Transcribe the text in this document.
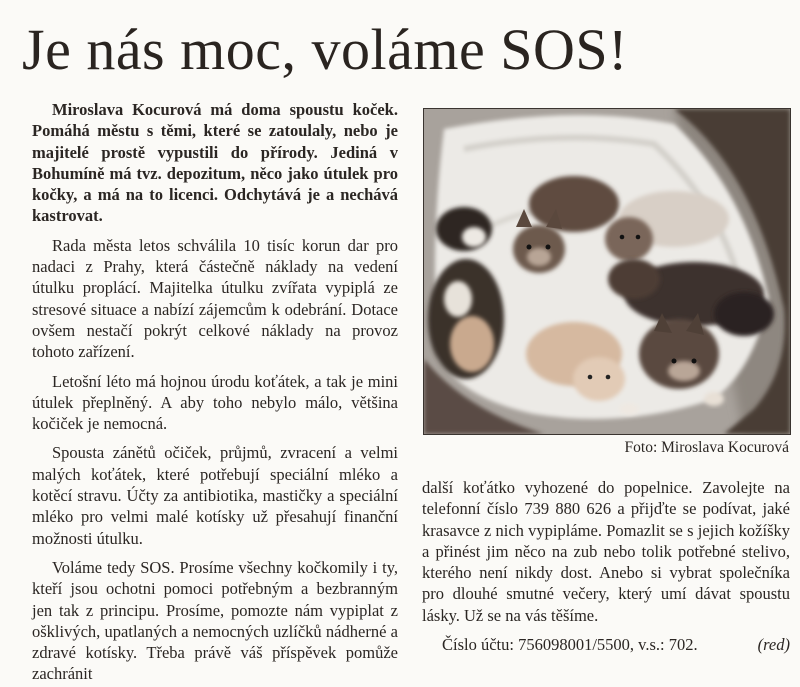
Je nás moc, voláme SOS!

Miroslava Kocurová má doma spoustu koček. Pomáhá městu s těmi, které se zatoulaly, nebo je majitelé prostě vypustili do přírody. Jediná v Bohumíně má tvz. depozitum, něco jako útulek pro kočky, a má na to licenci. Odchytává je a nechává kastrovat.

Rada města letos schválila 10 tisíc korun dar pro nadaci z Prahy, která částečně náklady na vedení útulku proplácí. Majitelka útulku zvířata vypiplá ze stresové situace a nabízí zájemcům k odebrání. Dotace ovšem nestačí pokrýt celkové náklady na provoz tohoto zařízení.

Letošní léto má hojnou úrodu koťátek, a tak je mini útulek přeplněný. A aby toho nebylo málo, většina kočiček je nemocná.

Spousta zánětů očiček, průjmů, zvracení a velmi malých koťátek, které potřebují speciální mléko a kotěcí stravu. Účty za antibiotika, mastičky a speciální mléko pro velmi malé kotísky už přesahují finanční možnosti útulku.

Voláme tedy SOS. Prosíme všechny kočkomily i ty, kteří jsou ochotni pomoci potřebným a bezbranným jen tak z principu. Prosíme, pomozte nám vypiplat z ošklivých, upatlaných a nemocných uzlíčků nádherné a zdravé kotísky. Třeba právě váš příspěvek pomůže zachránit

Foto: Miroslava Kocurová

další koťátko vyhozené do popelnice. Zavolejte na telefonní číslo 739 880 626 a přijďte se podívat, jaké krasavce z nich vypipláme. Pomazlit se s jejich kožíšky a přinést jim něco na zub nebo tolik potřebné stelivo, kterého není nikdy dost. Anebo si vybrat společníka pro dlouhé smutné večery, který umí dávat spoustu lásky. Už se na vás těšíme.

Číslo účtu: 756098001/5500, v.s.: 702.	(red)
